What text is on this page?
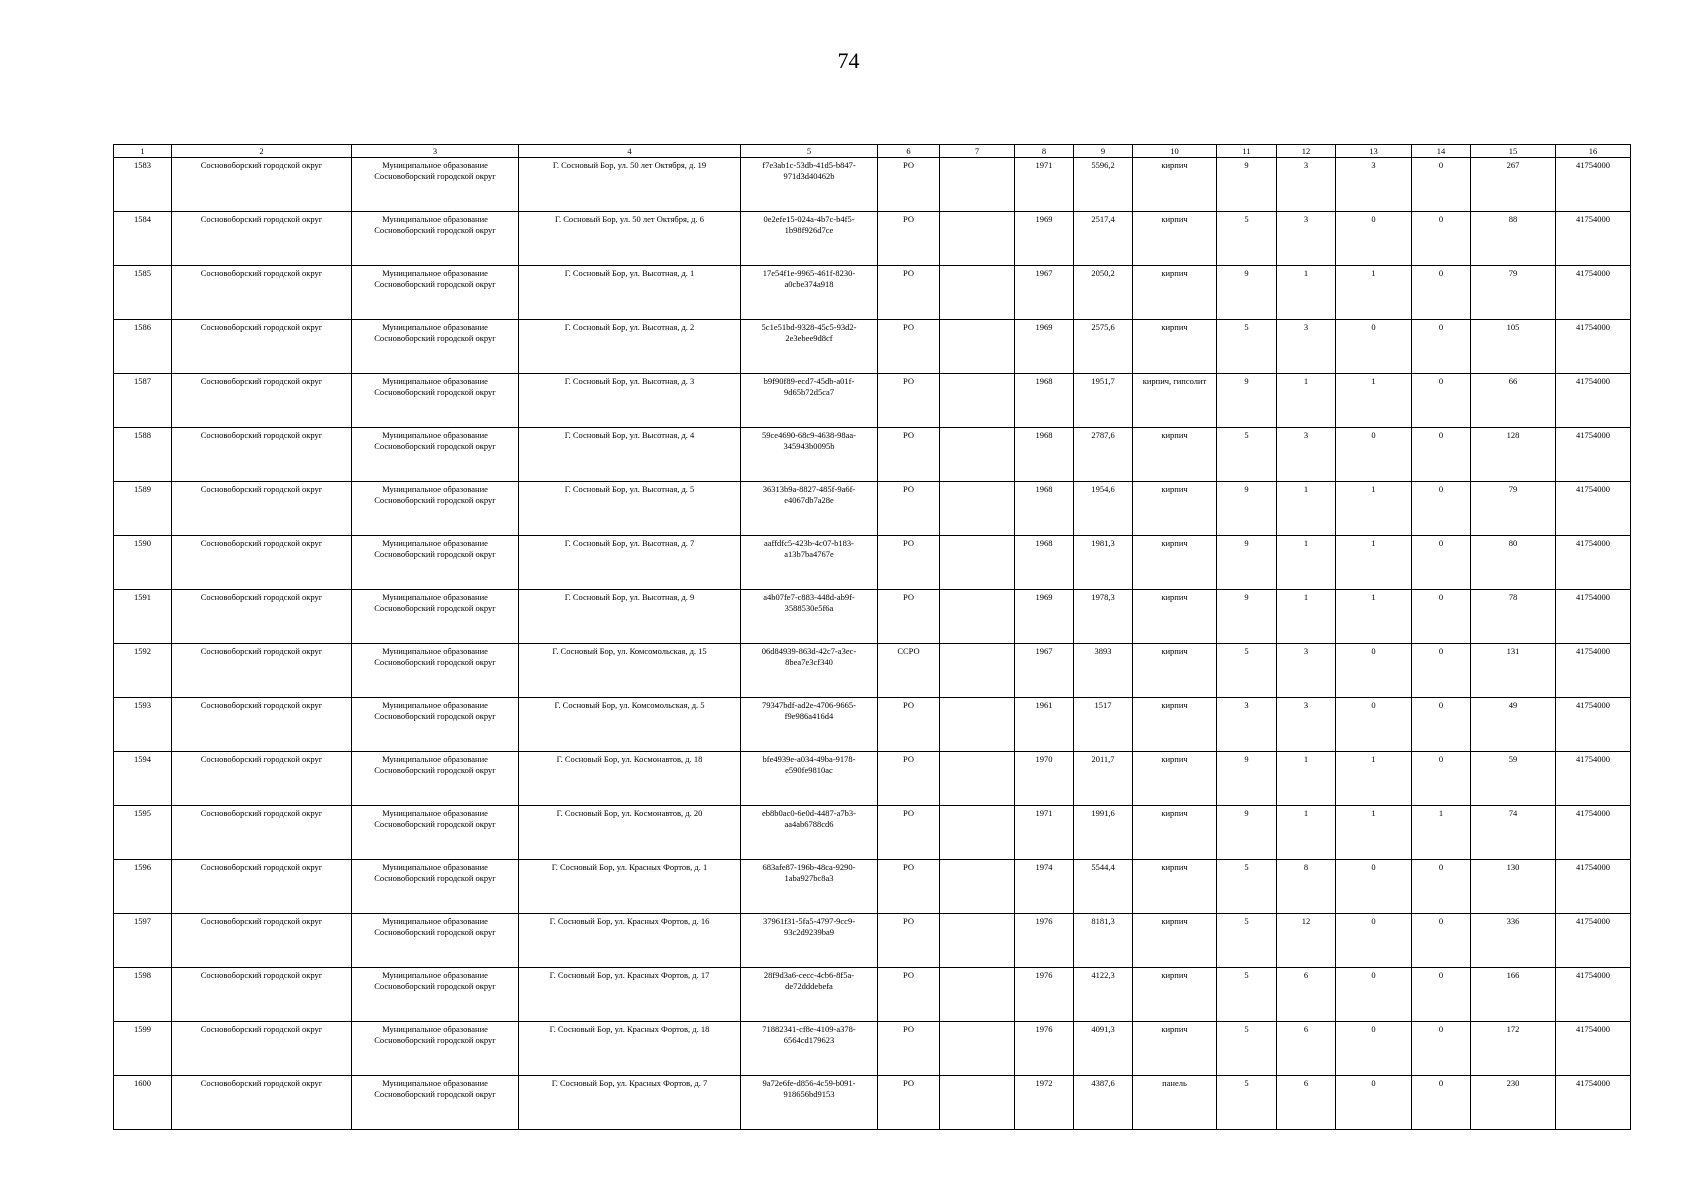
74
1	2	3	4	5	6	7	8	9	10	11	12	13	14	15	16
1583	Сосновоборский городской округ	Муниципальное образование Сосновоборский городской округ	Г. Сосновый Бор, ул. 50 лет Октября, д. 19	f7e3ab1c-53db-41d5-b847-971d3d40462b	РО		1971	5596,2	кирпич	9	3	3	0	267	41754000
1584	Сосновоборский городской округ	Муниципальное образование Сосновоборский городской округ	Г. Сосновый Бор, ул. 50 лет Октября, д. 6	0e2efe15-024a-4b7c-b4f5-1b98f926d7ce	РО		1969	2517,4	кирпич	5	3	0	0	88	41754000
1585	Сосновоборский городской округ	Муниципальное образование Сосновоборский городской округ	Г. Сосновый Бор, ул. Высотная, д. 1	17e54f1e-9965-461f-8230-a0cbe374a918	РО		1967	2050,2	кирпич	9	1	1	0	79	41754000
1586	Сосновоборский городской округ	Муниципальное образование Сосновоборский городской округ	Г. Сосновый Бор, ул. Высотная, д. 2	5c1e51bd-9328-45c5-93d2-2e3ebee9d8cf	РО		1969	2575,6	кирпич	5	3	0	0	105	41754000
1587	Сосновоборский городской округ	Муниципальное образование Сосновоборский городской округ	Г. Сосновый Бор, ул. Высотная, д. 3	b9f90f89-ecd7-45db-a01f-9d65b72d5ca7	РО		1968	1951,7	кирпич, гипсолит	9	1	1	0	66	41754000
1588	Сосновоборский городской округ	Муниципальное образование Сосновоборский городской округ	Г. Сосновый Бор, ул. Высотная, д. 4	59ce4690-68c9-4638-98aa-345943b0095b	РО		1968	2787,6	кирпич	5	3	0	0	128	41754000
1589	Сосновоборский городской округ	Муниципальное образование Сосновоборский городской округ	Г. Сосновый Бор, ул. Высотная, д. 5	36313b9a-8827-485f-9a6f-e4067db7a28e	РО		1968	1954,6	кирпич	9	1	1	0	79	41754000
1590	Сосновоборский городской округ	Муниципальное образование Сосновоборский городской округ	Г. Сосновый Бор, ул. Высотная, д. 7	aaffdfc5-423b-4c07-b183-a13b7ba4767e	РО		1968	1981,3	кирпич	9	1	1	0	80	41754000
1591	Сосновоборский городской округ	Муниципальное образование Сосновоборский городской округ	Г. Сосновый Бор, ул. Высотная, д. 9	a4b07fe7-c883-448d-ab9f-3588530e5f6a	РО		1969	1978,3	кирпич	9	1	1	0	78	41754000
1592	Сосновоборский городской округ	Муниципальное образование Сосновоборский городской округ	Г. Сосновый Бор, ул. Комсомольская, д. 15	06d84939-863d-42c7-a3ec-8bea7e3cf340	ССРО		1967	3893	кирпич	5	3	0	0	131	41754000
1593	Сосновоборский городской округ	Муниципальное образование Сосновоборский городской округ	Г. Сосновый Бор, ул. Комсомольская, д. 5	79347bdf-ad2e-4706-9665-f9e986a416d4	РО		1961	1517	кирпич	3	3	0	0	49	41754000
1594	Сосновоборский городской округ	Муниципальное образование Сосновоборский городской округ	Г. Сосновый Бор, ул. Космонавтов, д. 18	bfe4939e-a034-49ba-9178-e590fe9810ac	РО		1970	2011,7	кирпич	9	1	1	0	59	41754000
1595	Сосновоборский городской округ	Муниципальное образование Сосновоборский городской округ	Г. Сосновый Бор, ул. Космонавтов, д. 20	eb8b0ac0-6e0d-4487-a7b3-aa4ab6788cd6	РО		1971	1991,6	кирпич	9	1	1	1	74	41754000
1596	Сосновоборский городской округ	Муниципальное образование Сосновоборский городской округ	Г. Сосновый Бор, ул. Красных Фортов, д. 1	683afe87-196b-48ca-9290-1aba927bc8a3	РО		1974	5544,4	кирпич	5	8	0	0	130	41754000
1597	Сосновоборский городской округ	Муниципальное образование Сосновоборский городской округ	Г. Сосновый Бор, ул. Красных Фортов, д. 16	37961f31-5fa5-4797-9cc9-93c2d9239ba9	РО		1976	8181,3	кирпич	5	12	0	0	336	41754000
1598	Сосновоборский городской округ	Муниципальное образование Сосновоборский городской округ	Г. Сосновый Бор, ул. Красных Фортов, д. 17	28f9d3a6-cecc-4cb6-8f5a-de72dddebefa	РО		1976	4122,3	кирпич	5	6	0	0	166	41754000
1599	Сосновоборский городской округ	Муниципальное образование Сосновоборский городской округ	Г. Сосновый Бор, ул. Красных Фортов, д. 18	71882341-cf8e-4109-a378-6564cd179623	РО		1976	4091,3	кирпич	5	6	0	0	172	41754000
1600	Сосновоборский городской округ	Муниципальное образование Сосновоборский городской округ	Г. Сосновый Бор, ул. Красных Фортов, д. 7	9a72e6fe-d856-4c59-b091-918656bd9153	РО		1972	4387,6	панель	5	6	0	0	230	41754000
